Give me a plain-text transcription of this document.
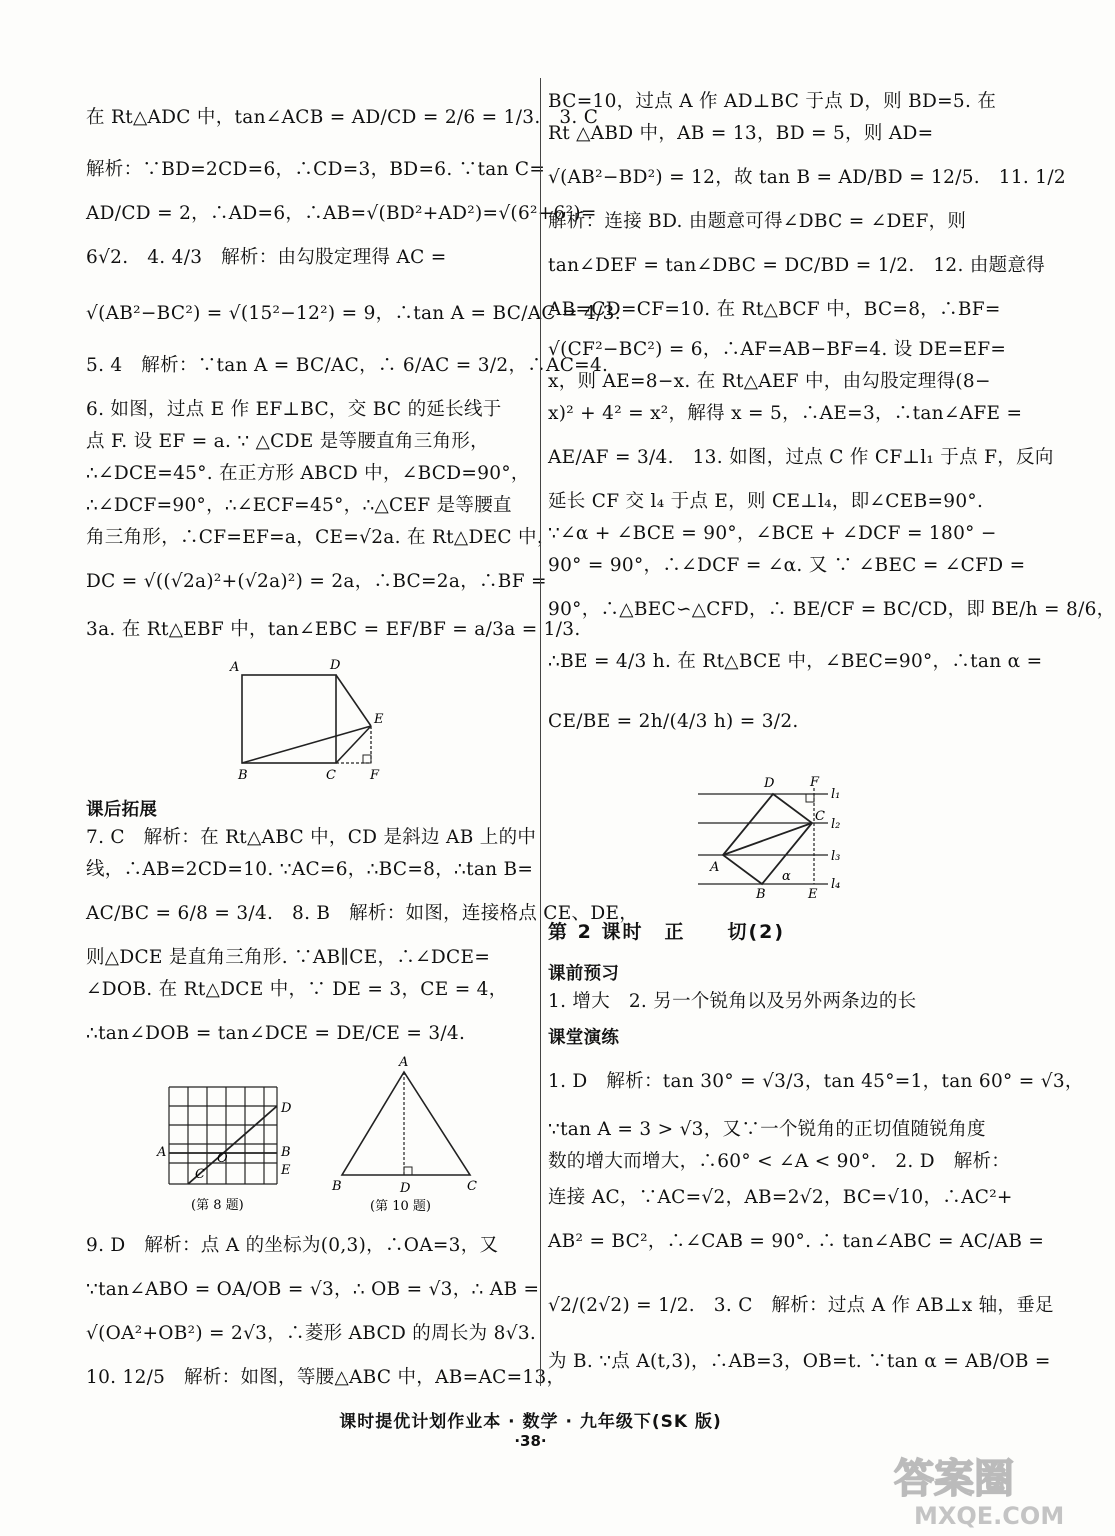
在 Rt△ADC 中，tan∠ACB = AD/CD = 2/6 = 1/3.　3. C
解析：∵BD=2CD=6，∴CD=3，BD=6. ∵tan C=
AD/CD = 2，∴AD=6，∴AB=√(BD²+AD²)=√(6²+6²)=
6√2.　4. 4/3　解析：由勾股定理得 AC =
√(AB²−BC²) = √(15²−12²) = 9，∴tan A = BC/AC = 4/3.
5. 4　解析：∵tan A = BC/AC，∴ 6/AC = 3/2，∴AC=4.
6. 如图，过点 E 作 EF⊥BC，交 BC 的延长线于
点 F. 设 EF = a. ∵ △CDE 是等腰直角三角形，
∴∠DCE=45°. 在正方形 ABCD 中，∠BCD=90°，
∴∠DCF=90°，∴∠ECF=45°，∴△CEF 是等腰直
角三角形，∴CF=EF=a，CE=√2a. 在 Rt△DEC 中，
DC = √((√2a)²+(√2a)²) = 2a，∴BC=2a，∴BF =
3a. 在 Rt△EBF 中，tan∠EBC = EF/BF = a/3a = 1/3.
课后拓展
7. C　解析：在 Rt△ABC 中，CD 是斜边 AB 上的中
线，∴AB=2CD=10. ∵AC=6，∴BC=8，∴tan B=
AC/BC = 6/8 = 3/4.　8. B　解析：如图，连接格点 CE、DE，
则△DCE 是直角三角形. ∵AB∥CE，∴∠DCE=
∠DOB. 在 Rt△DCE 中，∵ DE = 3，CE = 4，
∴tan∠DOB = tan∠DCE = DE/CE = 3/4.
9. D　解析：点 A 的坐标为(0,3)，∴OA=3，又
∵tan∠ABO = OA/OB = √3，∴ OB = √3，∴ AB =
√(OA²+OB²) = 2√3，∴菱形 ABCD 的周长为 8√3.
10. 12/5　解析：如图，等腰△ABC 中，AB=AC=13，
BC=10，过点 A 作 AD⊥BC 于点 D，则 BD=5. 在
Rt △ABD 中，AB = 13，BD = 5，则 AD=
√(AB²−BD²) = 12，故 tan B = AD/BD = 12/5.　11. 1/2
解析：连接 BD. 由题意可得∠DBC = ∠DEF，则
tan∠DEF = tan∠DBC = DC/BD = 1/2.　12. 由题意得
AB=CD=CF=10. 在 Rt△BCF 中，BC=8，∴BF=
√(CF²−BC²) = 6，∴AF=AB−BF=4. 设 DE=EF=
x，则 AE=8−x. 在 Rt△AEF 中，由勾股定理得(8−
x)² + 4² = x²，解得 x = 5，∴AE=3，∴tan∠AFE =
AE/AF = 3/4.　13. 如图，过点 C 作 CF⊥l₁ 于点 F，反向
延长 CF 交 l₄ 于点 E，则 CE⊥l₄，即∠CEB=90°.
∵∠α + ∠BCE = 90°，∠BCE + ∠DCF = 180° −
90° = 90°，∴∠DCF = ∠α. 又 ∵ ∠BEC = ∠CFD =
90°，∴△BEC∽△CFD，∴ BE/CF = BC/CD，即 BE/h = 8/6，
∴BE = 4/3 h. 在 Rt△BCE 中，∠BEC=90°，∴tan α =
CE/BE = 2h/(4/3 h) = 3/2.
第 2 课时　正　　切(2)
课前预习
1. 增大　2. 另一个锐角以及另外两条边的长
课堂演练
1. D　解析：tan 30° = √3/3，tan 45°=1，tan 60° = √3，
∵tan A = 3 > √3，又∵一个锐角的正切值随锐角度
数的增大而增大，∴60° < ∠A < 90°.　2. D　解析：
连接 AC，∵AC=√2，AB=2√2，BC=√10，∴AC²+
AB² = BC²，∴∠CAB = 90°. ∴ tan∠ABC = AC/AB =
√2/(2√2) = 1/2.　3. C　解析：过点 A 作 AB⊥x 轴，垂足
为 B. ∵点 A(t,3)，∴AB=3，OB=t. ∵tan α = AB/OB =
A	D
E
B	C	F
D
A	O	B
C	E
(第 8 题)
A
B	D	C
(第 10 题)
D	F
l₁
C
l₂
l₃
A
B
α
E
l₄
课时提优计划作业本 · 数学 · 九年级下(SK 版)
·38·
答案圈
MXQE.COM
